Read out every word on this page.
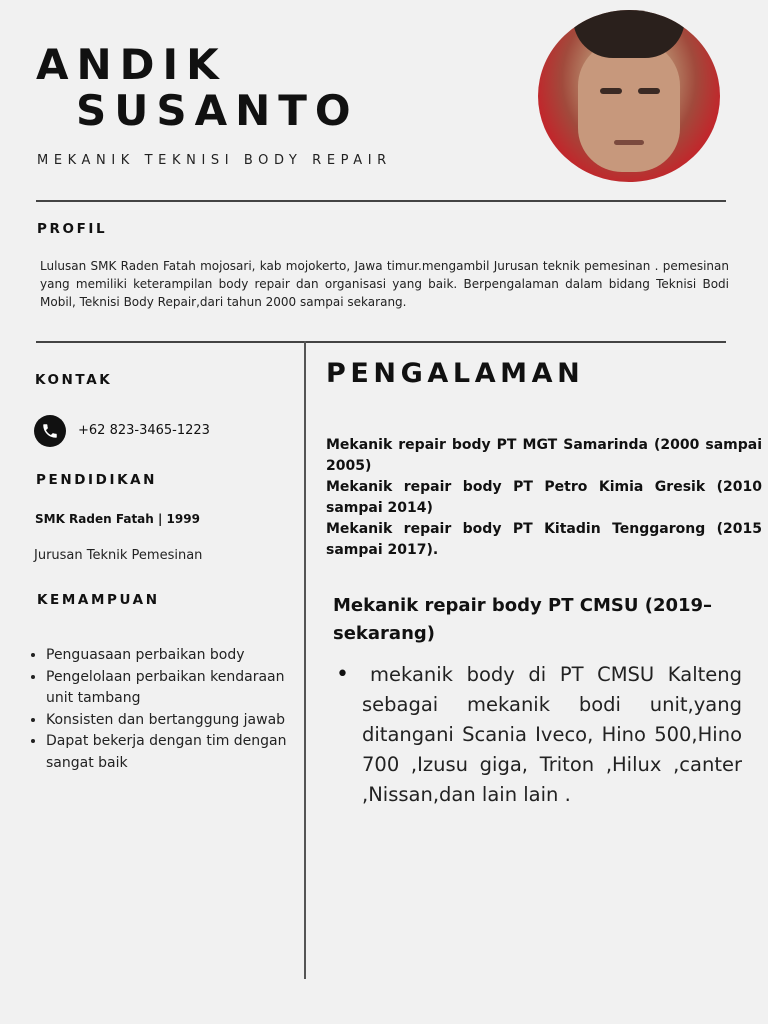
ANDIK
SUSANTO
MEKANIK TEKNISI BODY REPAIR
PROFIL
Lulusan SMK Raden Fatah mojosari, kab mojokerto, Jawa timur.mengambil Jurusan teknik pemesinan . pemesinan yang memiliki keterampilan body repair dan organisasi yang baik. Berpengalaman dalam bidang Teknisi Bodi Mobil, Teknisi Body Repair,dari tahun 2000 sampai sekarang.
KONTAK
+62 823-3465-1223
PENDIDIKAN
SMK Raden Fatah | 1999
Jurusan Teknik Pemesinan
KEMAMPUAN
• Penguasaan perbaikan body
• Pengelolaan perbaikan kendaraan unit tambang
• Konsisten dan bertanggung jawab
• Dapat bekerja dengan tim dengan sangat baik
PENGALAMAN

Mekanik repair body PT MGT Samarinda (2000 sampai 2005)

Mekanik repair body PT Petro Kimia Gresik (2010 sampai 2014)

Mekanik repair body PT Kitadin Tenggarong (2015 sampai 2017).

Mekanik repair body PT CMSU (2019–sekarang)
•	mekanik body di PT CMSU Kalteng sebagai mekanik bodi unit,yang ditangani Scania Iveco, Hino 500,Hino 700 ,Izusu giga, Triton ,Hilux ,canter ,Nissan,dan lain lain .
